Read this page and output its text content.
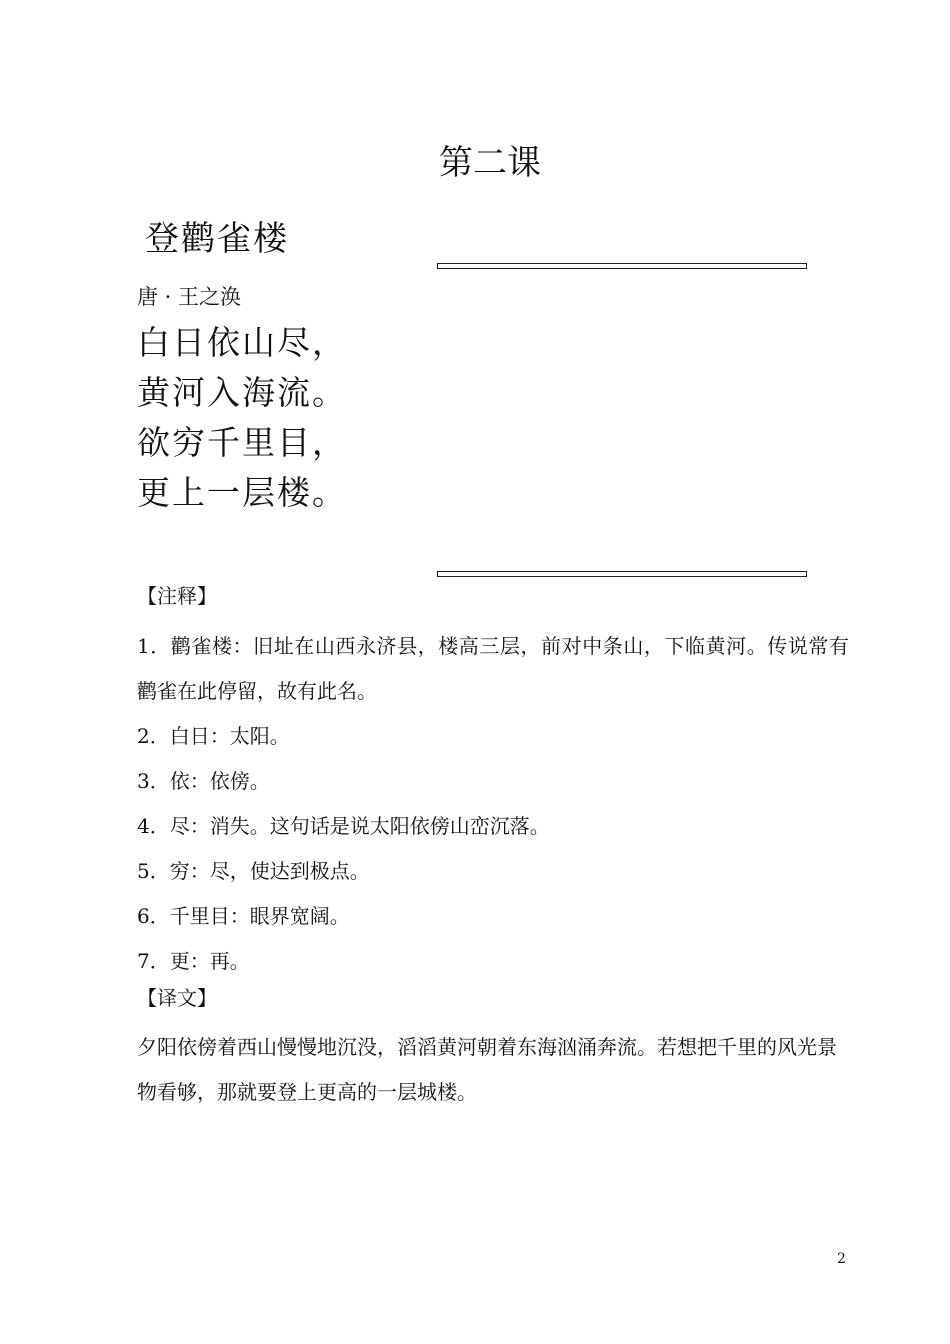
第二课
登鹳雀楼
唐 · 王之涣
白日依山尽，
黄河入海流。
欲穷千里目，
更上一层楼。
【注释】
1．鹳雀楼：旧址在山西永济县，楼高三层，前对中条山，下临黄河。传说常有鹳雀在此停留，故有此名。
2．白日：太阳。
3．依：依傍。
4．尽：消失。这句话是说太阳依傍山峦沉落。
5．穷：尽，使达到极点。
6．千里目：眼界宽阔。
7．更：再。
【译文】

夕阳依傍着西山慢慢地沉没，滔滔黄河朝着东海汹涌奔流。若想把千里的风光景物看够，那就要登上更高的一层城楼。

2
